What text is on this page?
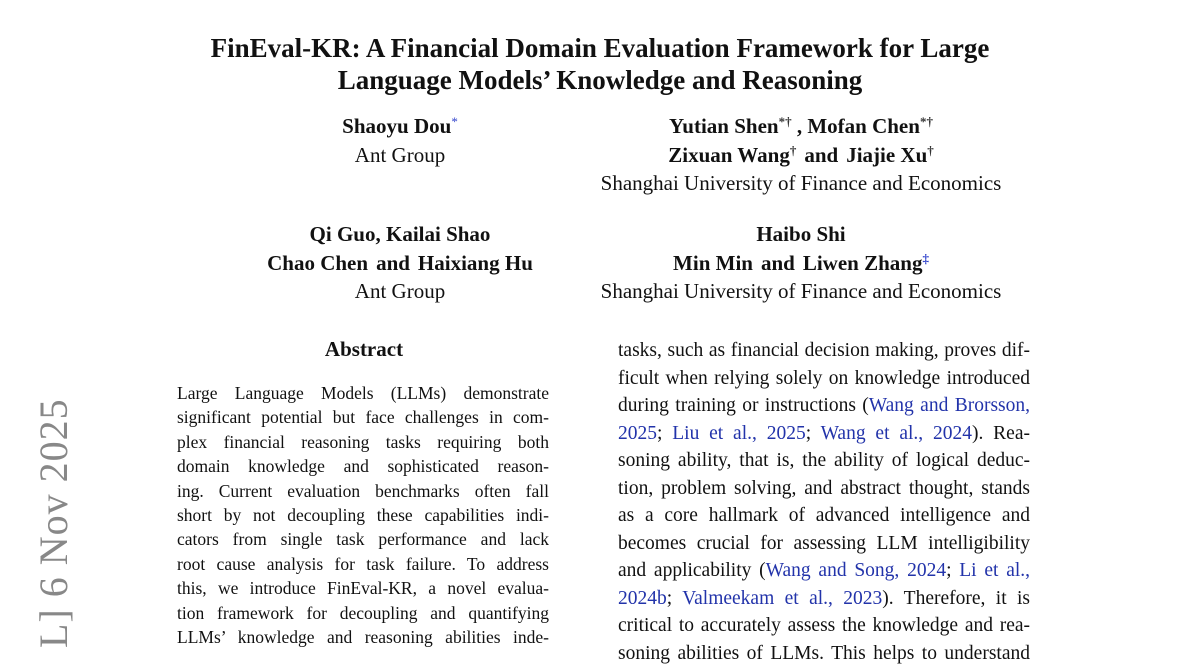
FinEval-KR: A Financial Domain Evaluation Framework for Large
Language Models’ Knowledge and Reasoning
Shaoyu Dou*
Ant Group
Yutian Shen*† , Mofan Chen*†
Zixuan Wang† and Jiajie Xu†
Shanghai University of Finance and Economics
Qi Guo, Kailai Shao
Chao Chen and Haixiang Hu
Ant Group
Haibo Shi
Min Min and Liwen Zhang‡
Shanghai University of Finance and Economics
Abstract
Large Language Models (LLMs) demonstrate
significant potential but face challenges in com-
plex financial reasoning tasks requiring both
domain knowledge and sophisticated reason-
ing. Current evaluation benchmarks often fall
short by not decoupling these capabilities indi-
cators from single task performance and lack
root cause analysis for task failure. To address
this, we introduce FinEval-KR, a novel evalua-
tion framework for decoupling and quantifying
LLMs’ knowledge and reasoning abilities inde-
tasks, such as financial decision making, proves dif-
ficult when relying solely on knowledge introduced
during training or instructions (Wang and Brorsson,
2025; Liu et al., 2025; Wang et al., 2024). Rea-
soning ability, that is, the ability of logical deduc-
tion, problem solving, and abstract thought, stands
as a core hallmark of advanced intelligence and
becomes crucial for assessing LLM intelligibility
and applicability (Wang and Song, 2024; Li et al.,
2024b; Valmeekam et al., 2023). Therefore, it is
critical to accurately assess the knowledge and rea-
soning abilities of LLMs. This helps to understand
L] 6 Nov 2025
